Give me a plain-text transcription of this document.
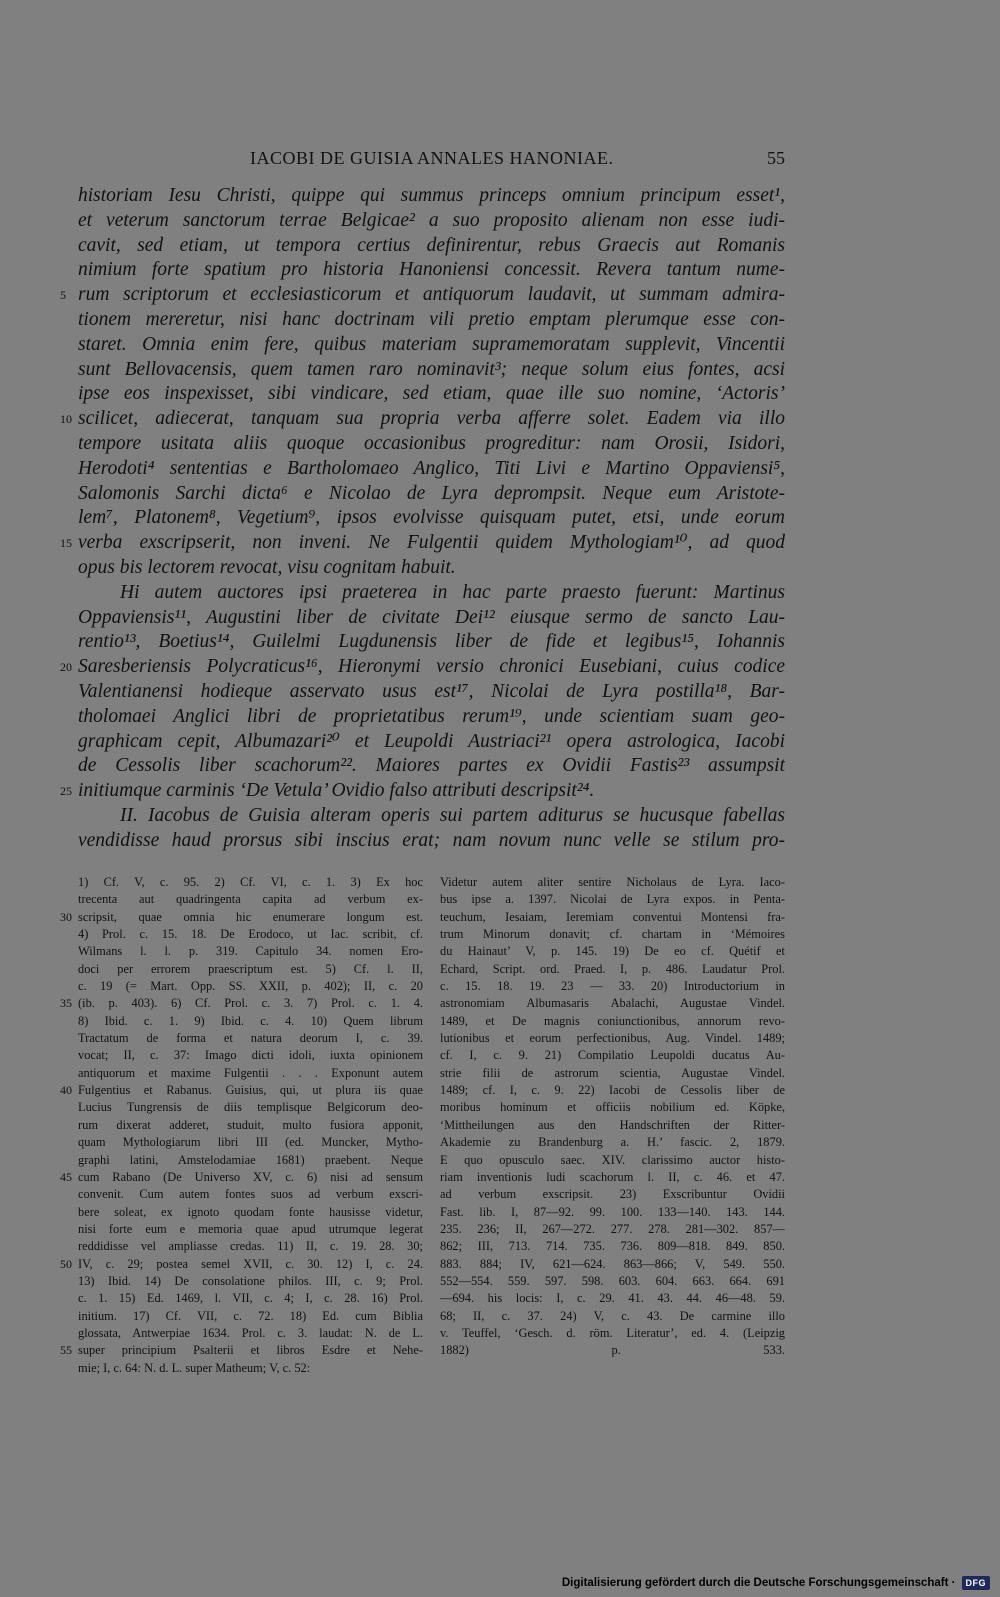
IACOBI DE GUISIA ANNALES HANONIAE.	55
historiam Iesu Christi, quippe qui summus princeps omnium principum esset¹,
et veterum sanctorum terrae Belgicae² a suo proposito alienam non esse iudi-
cavit, sed etiam, ut tempora certius definirentur, rebus Graecis aut Romanis
nimium forte spatium pro historia Hanoniensi concessit. Revera tantum nume-
5 rum scriptorum et ecclesiasticorum et antiquorum laudavit, ut summam admira-
tionem mereretur, nisi hanc doctrinam vili pretio emptam plerumque esse con-
staret. Omnia enim fere, quibus materiam supramemoratam supplevit, Vincentii
sunt Bellovacensis, quem tamen raro nominavit³; neque solum eius fontes, acsi
ipse eos inspexisset, sibi vindicare, sed etiam, quae ille suo nomine, ‘Actoris’
10 scilicet, adiecerat, tanquam sua propria verba afferre solet. Eadem via illo
tempore usitata aliis quoque occasionibus progreditur: nam Orosii, Isidori,
Herodoti⁴ sententias e Bartholomaeo Anglico, Titi Livi e Martino Oppaviensi⁵,
Salomonis Sarchi dicta⁶ e Nicolao de Lyra deprompsit. Neque eum Aristote-
lem⁷, Platonem⁸, Vegetium⁹, ipsos evolvisse quisquam putet, etsi, unde eorum
15 verba exscripserit, non inveni. Ne Fulgentii quidem Mythologiam¹⁰, ad quod
opus bis lectorem revocat, visu cognitam habuit.
Hi autem auctores ipsi praeterea in hac parte praesto fuerunt: Martinus
Oppaviensis¹¹, Augustini liber de civitate Dei¹² eiusque sermo de sancto Lau-
rentio¹³, Boetius¹⁴, Guilelmi Lugdunensis liber de fide et legibus¹⁵, Iohannis
20 Saresberiensis Polycraticus¹⁶, Hieronymi versio chronici Eusebiani, cuius codice
Valentianensi hodieque asservato usus est¹⁷, Nicolai de Lyra postilla¹⁸, Bar-
tholomaei Anglici libri de proprietatibus rerum¹⁹, unde scientiam suam geo-
graphicam cepit, Albumazari²⁰ et Leupoldi Austriaci²¹ opera astrologica, Iacobi
de Cessolis liber scachorum²². Maiores partes ex Ovidii Fastis²³ assumpsit
25 initiumque carminis ‘De Vetula’ Ovidio falso attributi descripsit²⁴.
II. Iacobus de Guisia alteram operis sui partem aditurus se hucusque fabellas
vendidisse haud prorsus sibi inscius erat; nam novum nunc velle se stilum pro-
1) Cf. V, c. 95. 2) Cf. VI, c. 1. 3) Ex hoc Videtur autem aliter sentire Nicholaus de Lyra. Iaco-
trecenta aut quadringenta capita ad verbum ex- bus ipse a. 1397. Nicolai de Lyra expos. in Penta-
30 scripsit, quae omnia hic enumerare longum est. teuchum, Iesaiam, Ieremiam conventui Montensi fra-
4) Prol. c. 15. 18. De Erodoco, ut Iac. scribit, cf. trum Minorum donavit; cf. chartam in ‘Mémoires
Wilmans l. l. p. 319. Capitulo 34. nomen Ero- du Hainaut’ V, p. 145. 19) De eo cf. Quétif et
doci per errorem praescriptum est. 5) Cf. l. II, Echard, Script. ord. Praed. I, p. 486. Laudatur Prol.
c. 19 (= Mart. Opp. SS. XXII, p. 402); II, c. 20 c. 15. 18. 19. 23 — 33. 20) Introductorium in
35 (ib. p. 403). 6) Cf. Prol. c. 3. 7) Prol. c. 1. 4. astronomiam Albumasaris Abalachi, Augustae Vindel.
8) Ibid. c. 1. 9) Ibid. c. 4. 10) Quem librum 1489, et De magnis coniunctionibus, annorum revo-
Tractatum de forma et natura deorum I, c. 39. lutionibus et eorum perfectionibus, Aug. Vindel. 1489;
vocat; II, c. 37: Imago dicti idoli, iuxta opinionem cf. I, c. 9. 21) Compilatio Leupoldi ducatus Au-
antiquorum et maxime Fulgentii . . . Exponunt autem strie filii de astrorum scientia, Augustae Vindel.
40 Fulgentius et Rabanus. Guisius, qui, ut plura iis quae 1489; cf. I, c. 9. 22) Iacobi de Cessolis liber de
Lucius Tungrensis de diis templisque Belgicorum deo- moribus hominum et officiis nobilium ed. Köpke,
rum dixerat adderet, studuit, multo fusiora apponit, ‘Mittheilungen aus den Handschriften der Ritter-
quam Mythologiarum libri III (ed. Muncker, Mytho- Akademie zu Brandenburg a. H.’ fascic. 2, 1879.
graphi latini, Amstelodamiae 1681) praebent. Neque E quo opusculo saec. XIV. clarissimo auctor histo-
45 cum Rabano (De Universo XV, c. 6) nisi ad sensum riam inventionis ludi scachorum l. II, c. 46. et 47.
convenit. Cum autem fontes suos ad verbum exscri- ad verbum exscripsit. 23) Exscribuntur Ovidii
bere soleat, ex ignoto quodam fonte hausisse videtur, Fast. lib. I, 87—92. 99. 100. 133—140. 143. 144.
nisi forte eum e memoria quae apud utrumque legerat 235. 236; II, 267—272. 277. 278. 281—302. 857—
reddidisse vel ampliasse credas. 11) II, c. 19. 28. 30; 862; III, 713. 714. 735. 736. 809—818. 849. 850.
50 IV, c. 29; postea semel XVII, c. 30. 12) I, c. 24. 883. 884; IV, 621—624. 863—866; V, 549. 550.
13) Ibid. 14) De consolatione philos. III, c. 9; Prol. 552—554. 559. 597. 598. 603. 604. 663. 664. 691
c. 1. 15) Ed. 1469, l. VII, c. 4; I, c. 28. 16) Prol. —694. his locis: I, c. 29. 41. 43. 44. 46—48. 59.
initium. 17) Cf. VII, c. 72. 18) Ed. cum Biblia 68; II, c. 37. 24) V, c. 43. De carmine illo
glossata, Antwerpiae 1634. Prol. c. 3. laudat: N. de L. v. Teuffel, ‘Gesch. d. röm. Literatur’, ed. 4. (Leipzig
55 super principium Psalterii et libros Esdre et Nehe- 1882) p. 533.
mie; I, c. 64: N. d. L. super Matheum; V, c. 52:
Digitalisierung gefördert durch die Deutsche Forschungsgemeinschaft ·	DFG
